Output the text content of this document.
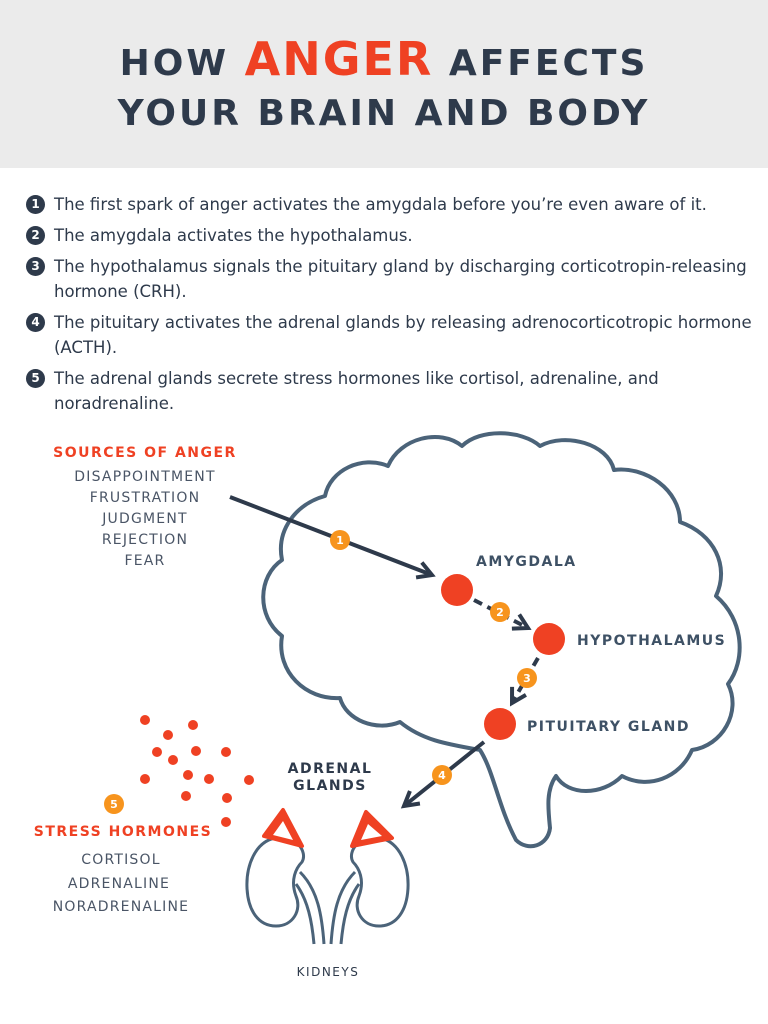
HOW ANGER AFFECTS
YOUR BRAIN AND BODY
1 The first spark of anger activates the amygdala before you’re even aware of it.
2 The amygdala activates the hypothalamus.
3 The hypothalamus signals the pituitary gland by discharging corticotropin-releasing hormone (CRH).
4 The pituitary activates the adrenal glands by releasing adrenocorticotropic hormone (ACTH).
5 The adrenal glands secrete stress hormones like cortisol, adrenaline, and noradrenaline.
1
2
3
4
5
SOURCES OF ANGER
DISAPPOINTMENT
FRUSTRATION
JUDGMENT
REJECTION
FEAR	AMYGDALA
HYPOTHALAMUS
PITUITARY GLAND
ADRENAL
GLANDS
STRESS HORMONES
CORTISOL
ADRENALINE
NORADRENALINE
KIDNEYS
